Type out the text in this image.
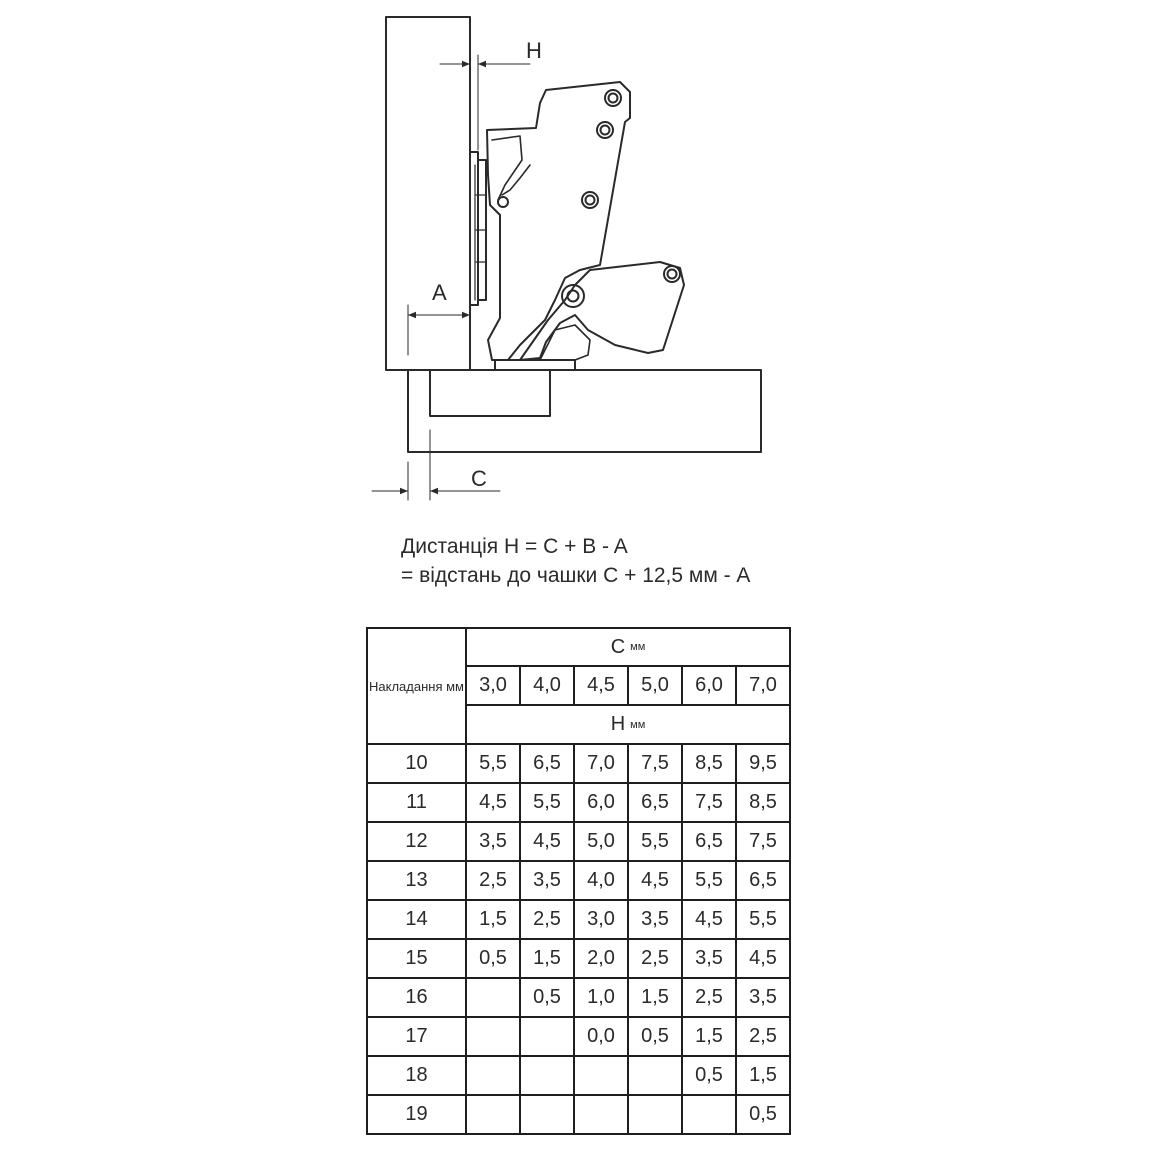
H
A
C
Дистанція H = C + B - A
= відстань до чашки C + 12,5 мм - A
Накладання мм	C мм					
	3,0	4,0	4,5	5,0	6,0	7,0
	H мм					
10	5,5	6,5	7,0	7,5	8,5	9,5
11	4,5	5,5	6,0	6,5	7,5	8,5
12	3,5	4,5	5,0	5,5	6,5	7,5
13	2,5	3,5	4,0	4,5	5,5	6,5
14	1,5	2,5	3,0	3,5	4,5	5,5
15	0,5	1,5	2,0	2,5	3,5	4,5
16		0,5	1,0	1,5	2,5	3,5
17			0,0	0,5	1,5	2,5
18					0,5	1,5
19						0,5
